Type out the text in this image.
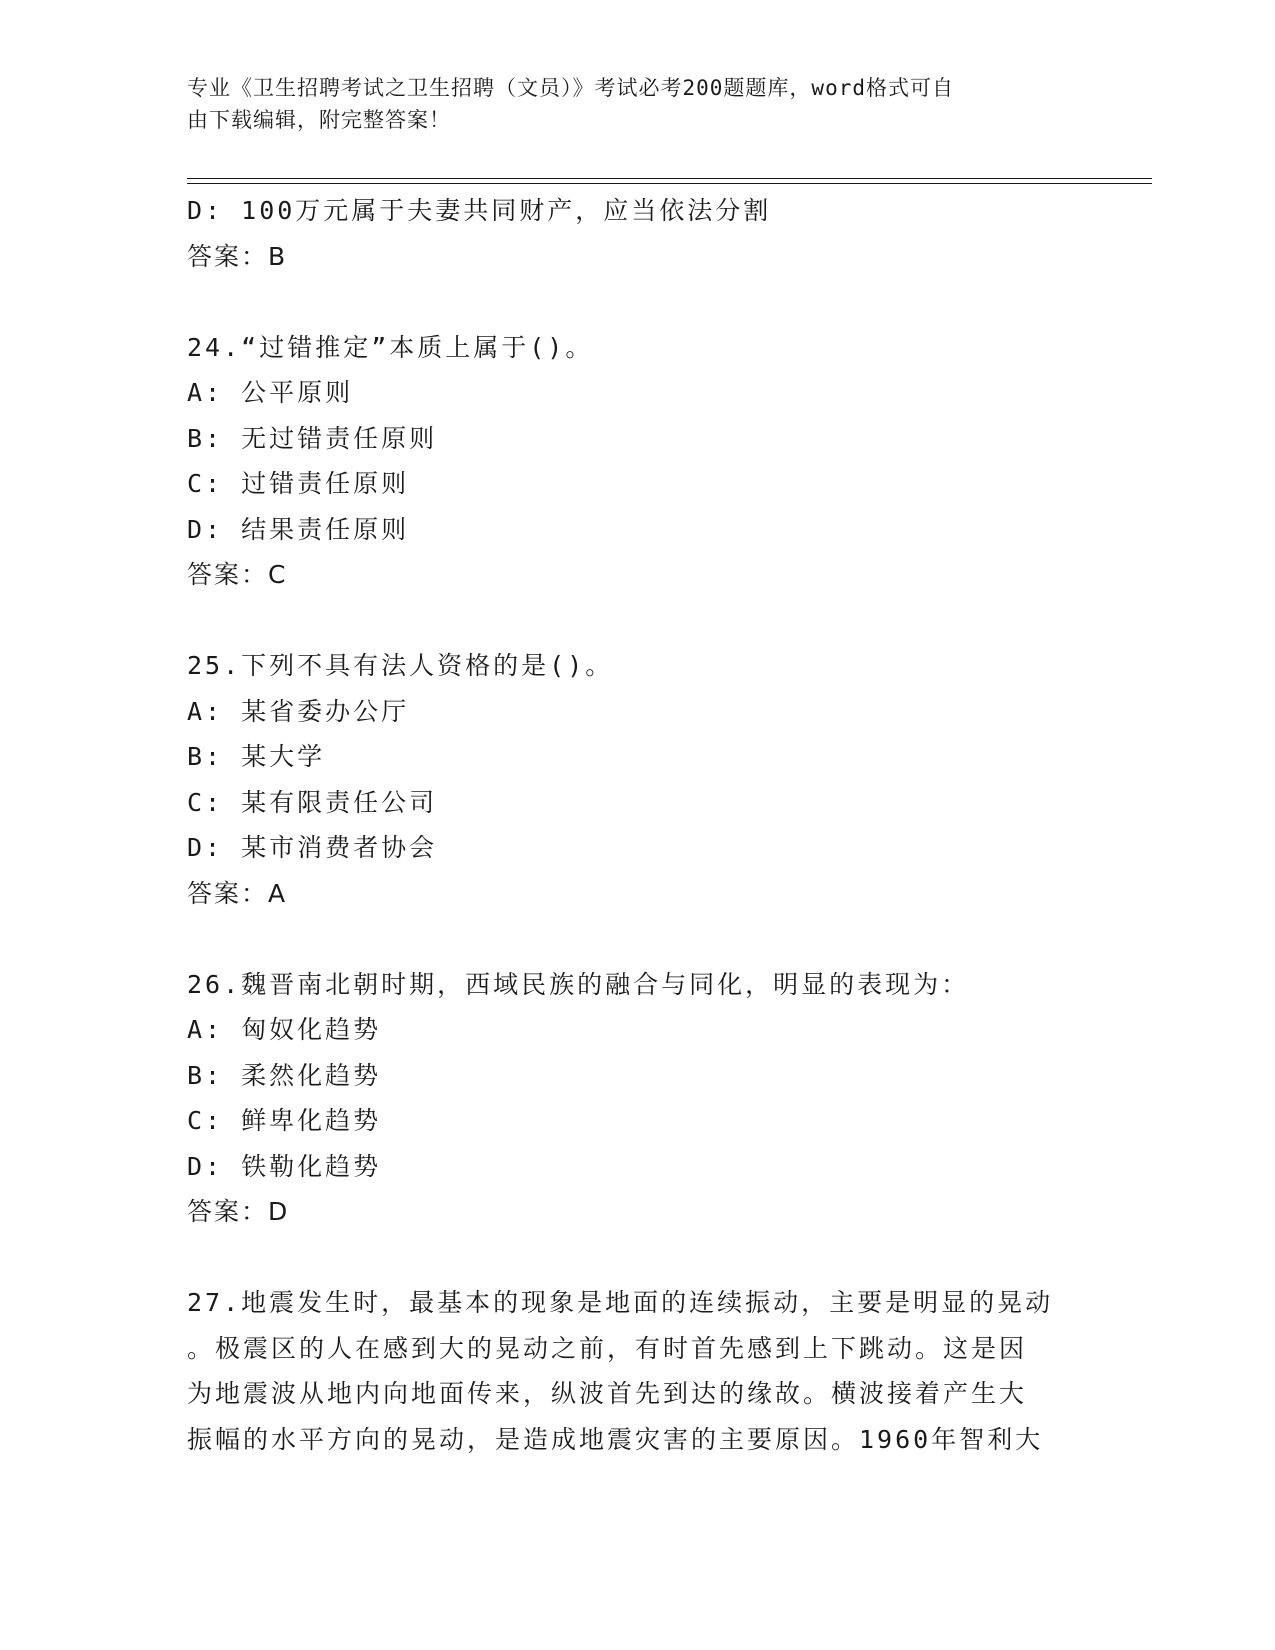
专业《卫生招聘考试之卫生招聘（文员）》考试必考200题题库，word格式可自
由下载编辑，附完整答案！
D: 100万元属于夫妻共同财产，应当依法分割
答案：B
24.“过错推定”本质上属于()。
A: 公平原则
B: 无过错责任原则
C: 过错责任原则
D: 结果责任原则
答案：C
25.下列不具有法人资格的是()。
A: 某省委办公厅
B: 某大学
C: 某有限责任公司
D: 某市消费者协会
答案：A
26.魏晋南北朝时期，西域民族的融合与同化，明显的表现为：
A: 匈奴化趋势
B: 柔然化趋势
C: 鲜卑化趋势
D: 铁勒化趋势
答案：D
27.地震发生时，最基本的现象是地面的连续振动，主要是明显的晃动
。极震区的人在感到大的晃动之前，有时首先感到上下跳动。这是因
为地震波从地内向地面传来，纵波首先到达的缘故。横波接着产生大
振幅的水平方向的晃动，是造成地震灾害的主要原因。1960年智利大
